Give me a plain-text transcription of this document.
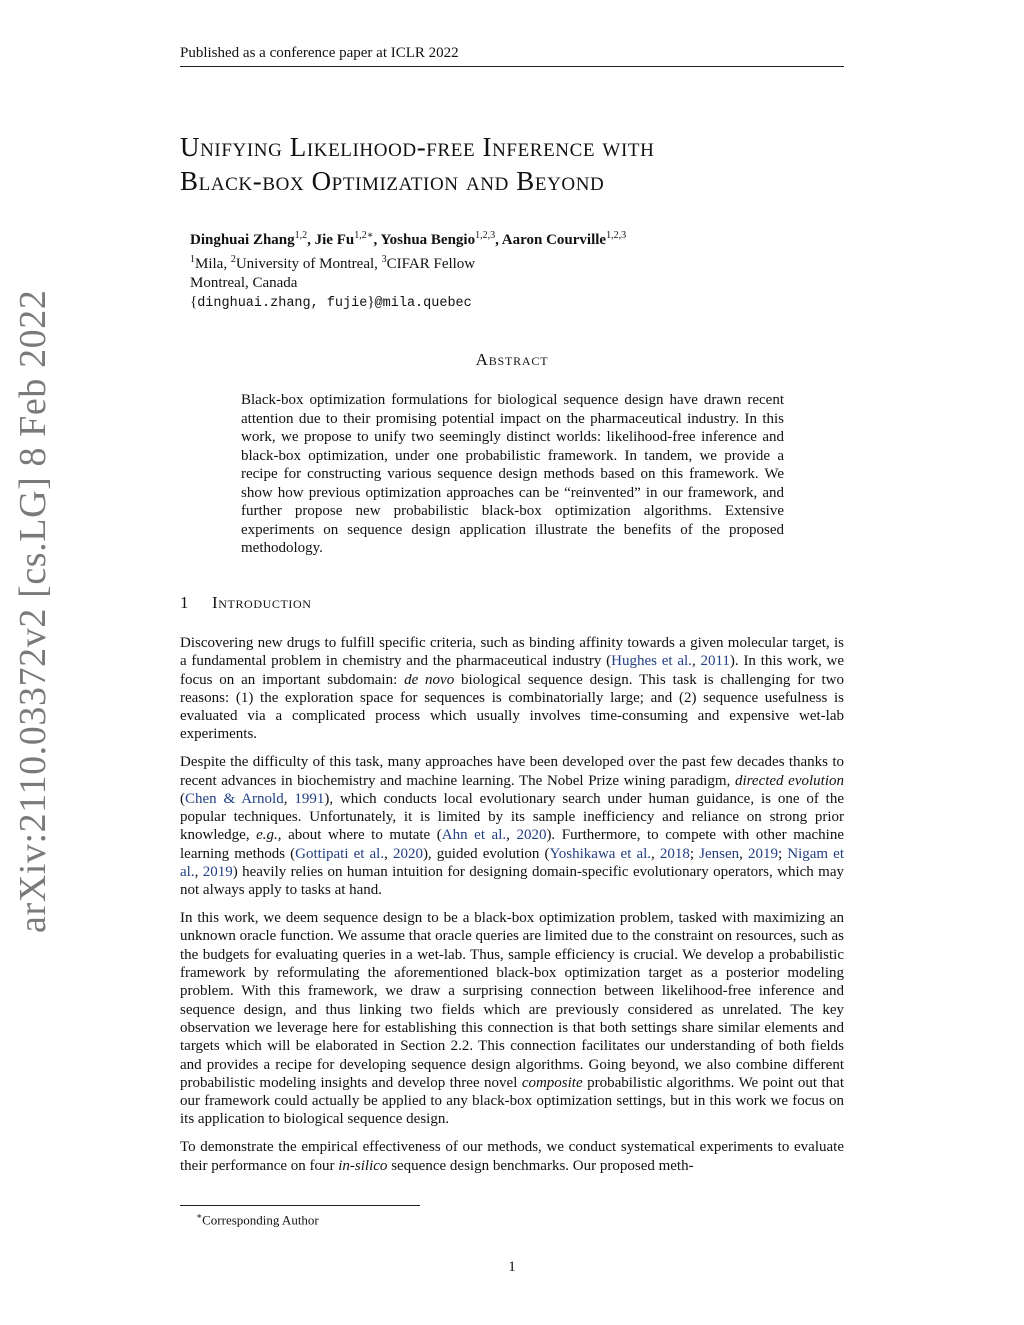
Published as a conference paper at ICLR 2022
arXiv:2110.03372v2 [cs.LG] 8 Feb 2022
Unifying Likelihood-free Inference with
Black-box Optimization and Beyond
Dinghuai Zhang$^{1,2}$, Jie $Fu^{1,2∗}$, Yoshua Bengio$^{1,2,3}$, Aaron Courville$^{1,2,3}$
$^1$Mila, $^2$University of Montreal, $^3$CIFAR Fellow
Montreal, Canada
{dinghuai.zhang, fujie}@mila.quebec
Abstract
Black-box optimization formulations for biological sequence design have drawn recent attention due to their promising potential impact on the pharmaceutical industry. In this work, we propose to unify two seemingly distinct worlds: likelihood-free inference and black-box optimization, under one probabilistic framework. In tandem, we provide a recipe for constructing various sequence design methods based on this framework. We show how previous optimization approaches can be “reinvented” in our framework, and further propose new probabilistic black-box optimization algorithms. Extensive experiments on sequence design application illustrate the benefits of the proposed methodology.
1 Introduction

Discovering new drugs to fulfill specific criteria, such as binding affinity towards a given molecular target, is a fundamental problem in chemistry and the pharmaceutical industry (Hughes et al., 2011). In this work, we focus on an important subdomain: de novo biological sequence design. This task is challenging for two reasons: (1) the exploration space for sequences is combinatorially large; and (2) sequence usefulness is evaluated via a complicated process which usually involves time-consuming and expensive wet-lab experiments.

Despite the difficulty of this task, many approaches have been developed over the past few decades thanks to recent advances in biochemistry and machine learning. The Nobel Prize wining paradigm, directed evolution (Chen & Arnold, 1991), which conducts local evolutionary search under human guidance, is one of the popular techniques. Unfortunately, it is limited by its sample inefficiency and reliance on strong prior knowledge, e.g., about where to mutate (Ahn et al., 2020). Furthermore, to compete with other machine learning methods (Gottipati et al., 2020), guided evolution (Yoshikawa et al., 2018; Jensen, 2019; Nigam et al., 2019) heavily relies on human intuition for designing domain-specific evolutionary operators, which may not always apply to tasks at hand.

In this work, we deem sequence design to be a black-box optimization problem, tasked with maximizing an unknown oracle function. We assume that oracle queries are limited due to the constraint on resources, such as the budgets for evaluating queries in a wet-lab. Thus, sample efficiency is crucial. We develop a probabilistic framework by reformulating the aforementioned black-box optimization target as a posterior modeling problem. With this framework, we draw a surprising connection between likelihood-free inference and sequence design, and thus linking two fields which are previously considered as unrelated. The key observation we leverage here for establishing this connection is that both settings share similar elements and targets which will be elaborated in Section 2.2. This connection facilitates our understanding of both fields and provides a recipe for developing sequence design algorithms. Going beyond, we also combine different probabilistic modeling insights and develop three novel composite probabilistic algorithms. We point out that our framework could actually be applied to any black-box optimization settings, but in this work we focus on its application to biological sequence design.

To demonstrate the empirical effectiveness of our methods, we conduct systematical experiments to evaluate their performance on four in-silico sequence design benchmarks. Our proposed meth-

∗Corresponding Author
1
